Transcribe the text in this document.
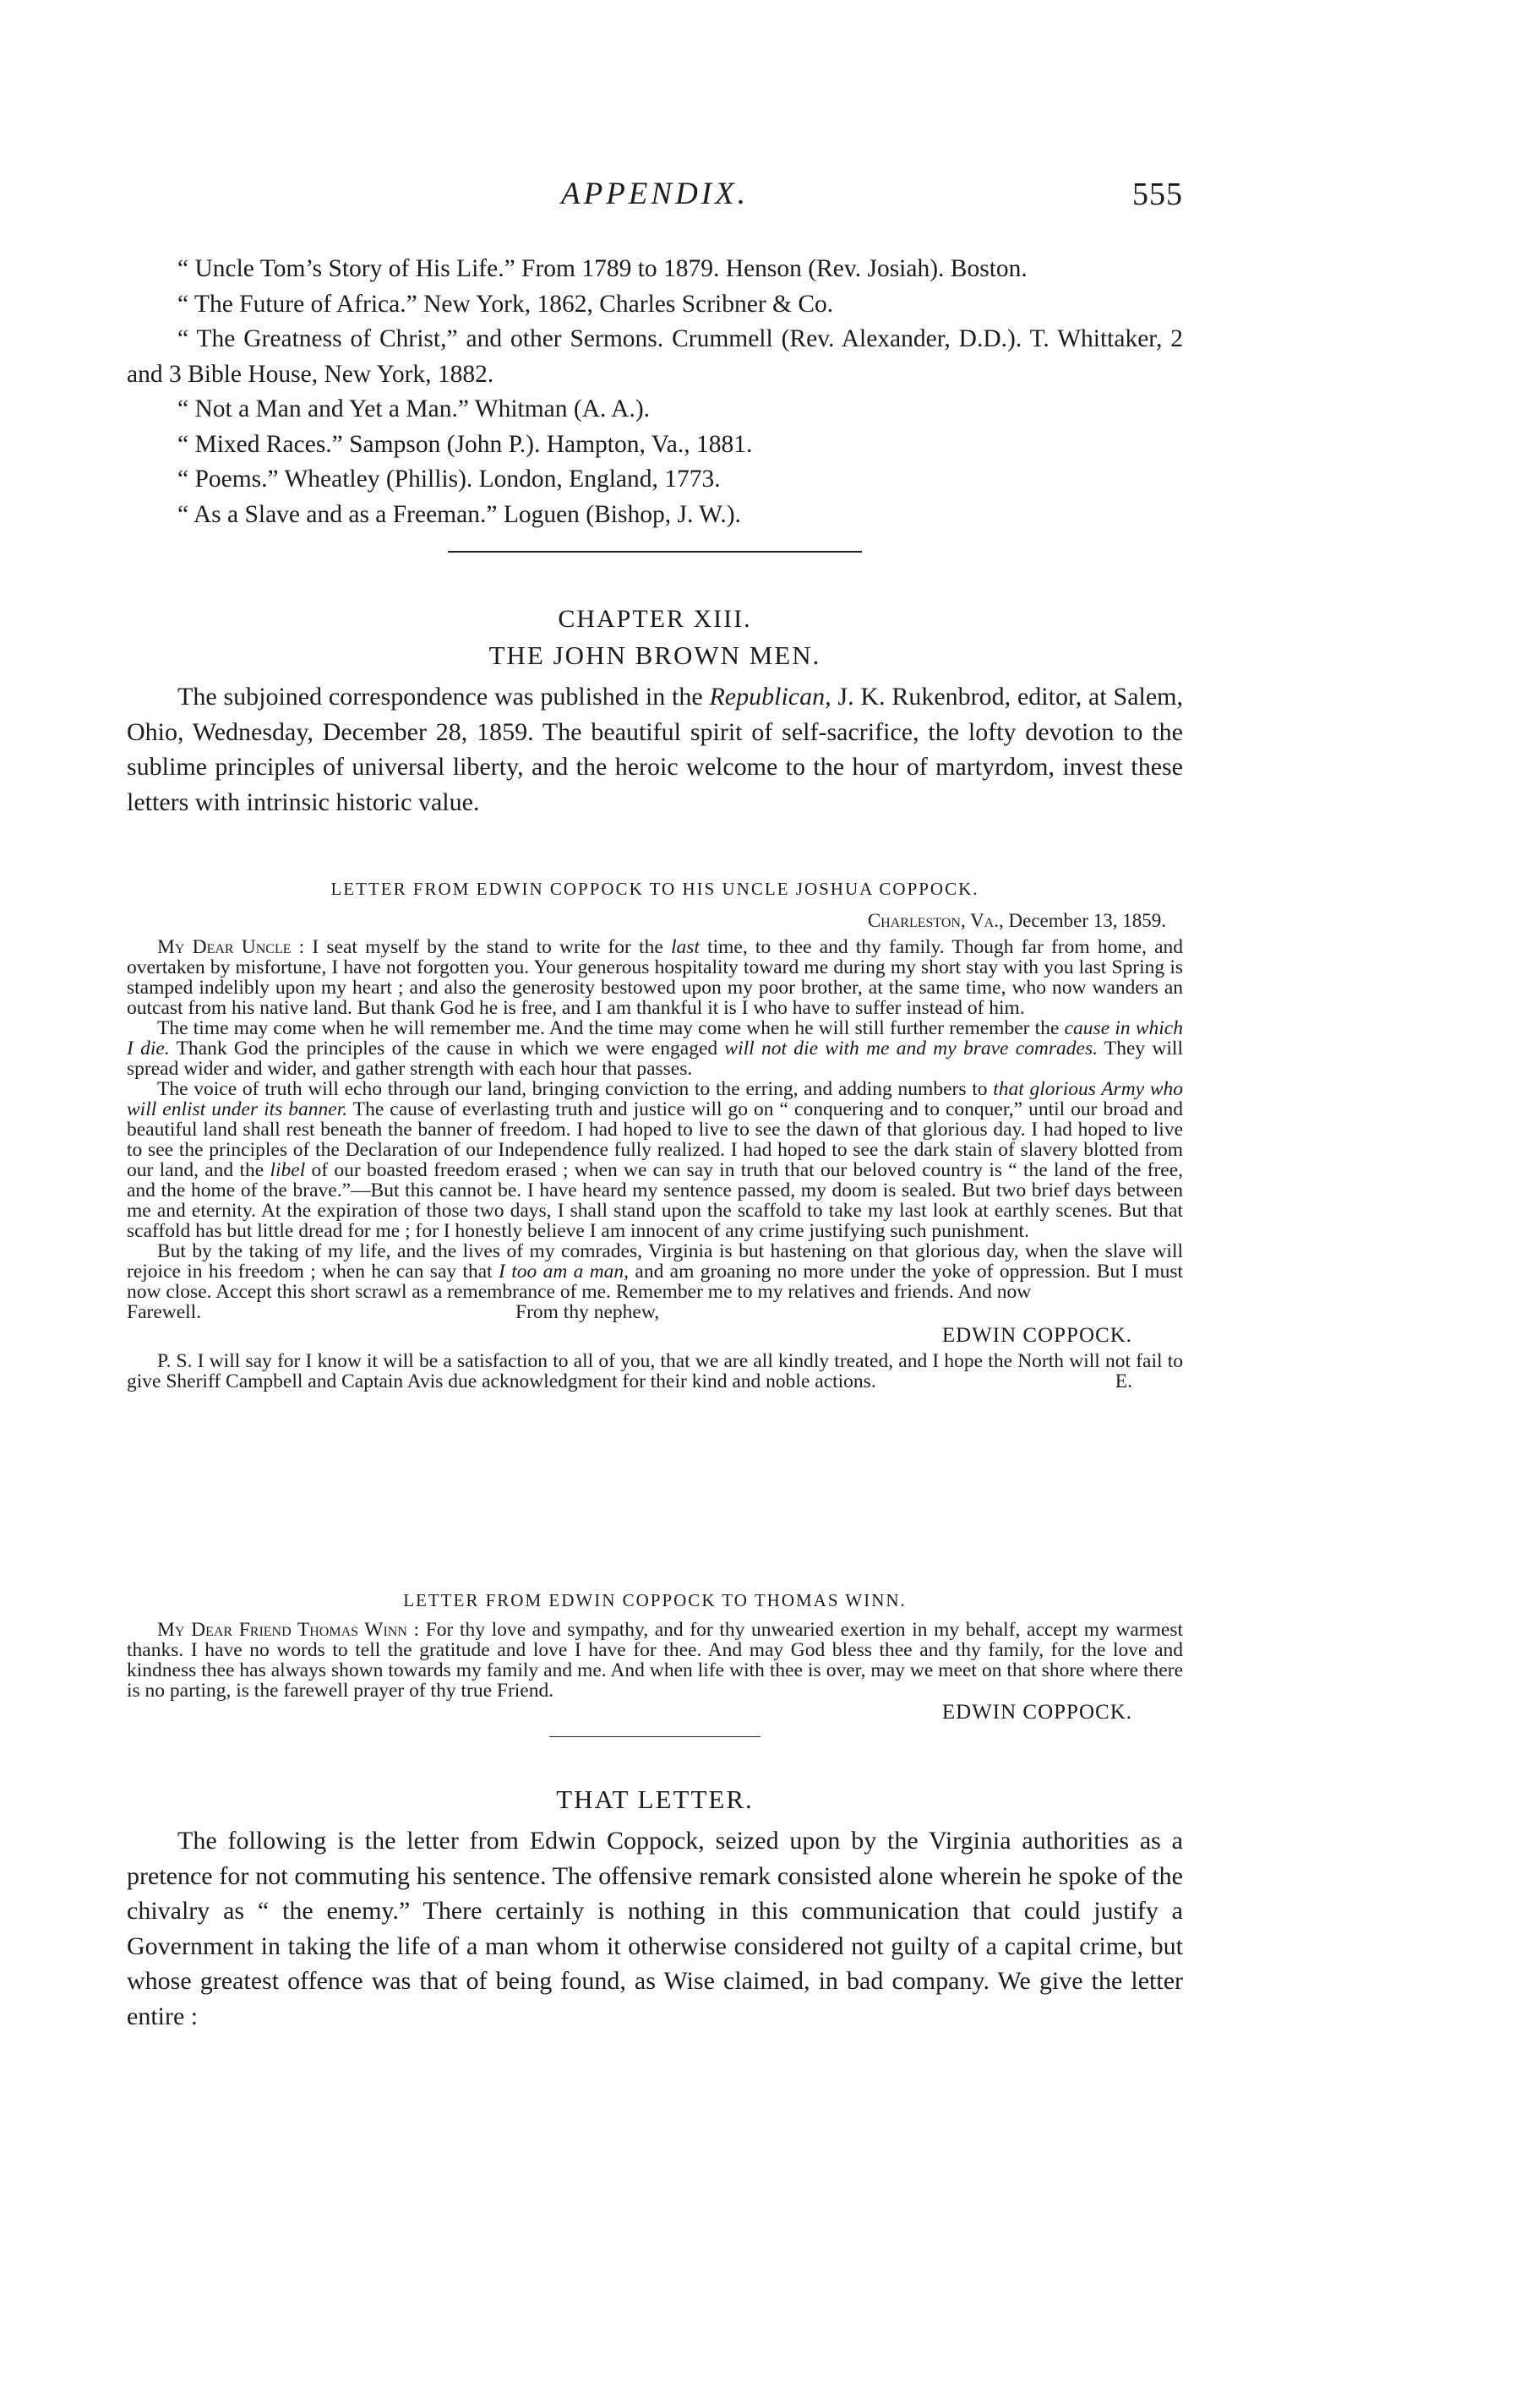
APPENDIX.	555

“ Uncle Tom’s Story of His Life.” From 1789 to 1879. Henson (Rev. Josiah). Boston.

“ The Future of Africa.” New York, 1862, Charles Scribner & Co.

“ The Greatness of Christ,” and other Sermons. Crummell (Rev. Alexander, D.D.). T. Whittaker, 2 and 3 Bible House, New York, 1882.

“ Not a Man and Yet a Man.” Whitman (A. A.).

“ Mixed Races.” Sampson (John P.). Hampton, Va., 1881.

“ Poems.” Wheatley (Phillis). London, England, 1773.

“ As a Slave and as a Freeman.” Loguen (Bishop, J. W.).

CHAPTER XIII.

THE JOHN BROWN MEN.

The subjoined correspondence was published in the Republican, J. K. Rukenbrod, editor, at Salem, Ohio, Wednesday, December 28, 1859. The beautiful spirit of self-sacrifice, the lofty devotion to the sublime principles of universal liberty, and the heroic welcome to the hour of martyrdom, invest these letters with intrinsic historic value.

LETTER FROM EDWIN COPPOCK TO HIS UNCLE JOSHUA COPPOCK.

Charleston, Va., December 13, 1859.

My Dear Uncle : I seat myself by the stand to write for the last time, to thee and thy family. Though far from home, and overtaken by misfortune, I have not forgotten you. Your generous hospitality toward me during my short stay with you last Spring is stamped indelibly upon my heart ; and also the generosity bestowed upon my poor brother, at the same time, who now wanders an outcast from his native land. But thank God he is free, and I am thankful it is I who have to suffer instead of him.

The time may come when he will remember me. And the time may come when he will still further remember the cause in which I die. Thank God the principles of the cause in which we were engaged will not die with me and my brave comrades. They will spread wider and wider, and gather strength with each hour that passes.

The voice of truth will echo through our land, bringing conviction to the erring, and adding numbers to that glorious Army who will enlist under its banner. The cause of everlasting truth and justice will go on “ conquering and to conquer,” until our broad and beautiful land shall rest beneath the banner of freedom. I had hoped to live to see the dawn of that glorious day. I had hoped to live to see the principles of the Declaration of our Independence fully realized. I had hoped to see the dark stain of slavery blotted from our land, and the libel of our boasted freedom erased ; when we can say in truth that our beloved country is “ the land of the free, and the home of the brave.”—But this cannot be. I have heard my sentence passed, my doom is sealed. But two brief days between me and eternity. At the expiration of those two days, I shall stand upon the scaffold to take my last look at earthly scenes. But that scaffold has but little dread for me ; for I honestly believe I am innocent of any crime justifying such punishment.

But by the taking of my life, and the lives of my comrades, Virginia is but hastening on that glorious day, when the slave will rejoice in his freedom ; when he can say that I too am a man, and am groaning no more under the yoke of oppression. But I must now close. Accept this short scrawl as a remembrance of me. Remember me to my relatives and friends. And now

Farewell.	From thy nephew,

EDWIN COPPOCK.

P. S. I will say for I know it will be a satisfaction to all of you, that we are all kindly treated, and I hope the North will not fail to give Sheriff Campbell and Captain Avis due acknowledgment for their kind and noble actions.	E.

LETTER FROM EDWIN COPPOCK TO THOMAS WINN.

My Dear Friend Thomas Winn : For thy love and sympathy, and for thy unwearied exertion in my behalf, accept my warmest thanks. I have no words to tell the gratitude and love I have for thee. And may God bless thee and thy family, for the love and kindness thee has always shown towards my family and me. And when life with thee is over, may we meet on that shore where there is no parting, is the farewell prayer of thy true Friend.

EDWIN COPPOCK.

THAT LETTER.

The following is the letter from Edwin Coppock, seized upon by the Virginia authorities as a pretence for not commuting his sentence. The offensive remark consisted alone wherein he spoke of the chivalry as “ the enemy.” There certainly is nothing in this communication that could justify a Government in taking the life of a man whom it otherwise considered not guilty of a capital crime, but whose greatest offence was that of being found, as Wise claimed, in bad company. We give the letter entire :
